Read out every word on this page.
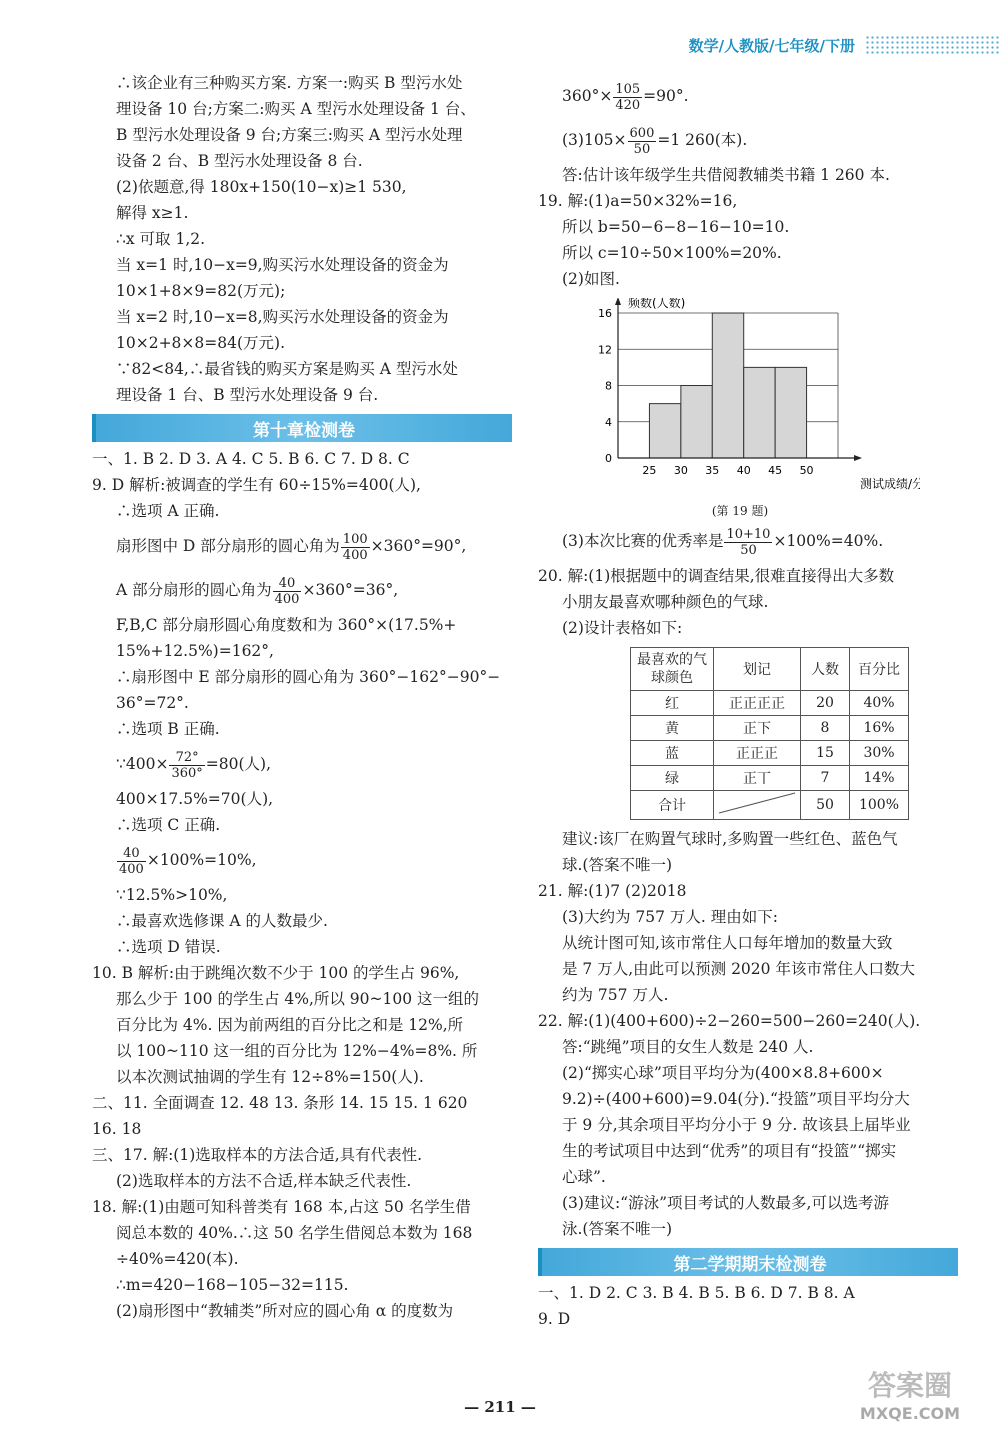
数学/人教版/七年级/下册
∴该企业有三种购买方案. 方案一:购买 B 型污水处
理设备 10 台;方案二:购买 A 型污水处理设备 1 台、
B 型污水处理设备 9 台;方案三:购买 A 型污水处理
设备 2 台、B 型污水处理设备 8 台.
(2)依题意,得 180x+150(10−x)≥1 530,
解得 x≥1.
∴x 可取 1,2.
当 x=1 时,10−x=9,购买污水处理设备的资金为
10×1+8×9=82(万元);
当 x=2 时,10−x=8,购买污水处理设备的资金为
10×2+8×8=84(万元).
∵82<84,∴最省钱的购买方案是购买 A 型污水处
理设备 1 台、B 型污水处理设备 9 台.
第十章检测卷
一、1. B 2. D 3. A 4. C 5. B 6. C 7. D 8. C
9. D 解析:被调查的学生有 60÷15%=400(人),
∴选项 A 正确.
扇形图中 D 部分扇形的圆心角为 $\frac{100}{400} \times 360^\circ=90^\circ$,
A 部分扇形的圆心角为 $\frac{40}{400} \times 360^\circ=36^\circ$,
F,B,C 部分扇形圆心角度数和为 360°×(17.5%+
15%+12.5%)=162°,
∴扇形图中 E 部分扇形的圆心角为 360°−162°−90°−
36°=72°.
∴选项 B 正确.
∵400× $\frac{72^\circ}{360^\circ} =80$(人),
400×17.5%=70(人),
∴选项 C 正确.
$\frac{40}{400} \times 100\%=10\%$,
∵12.5%>10%,
∴最喜欢选修课 A 的人数最少.
∴选项 D 错误.
10. B 解析:由于跳绳次数不少于 100 的学生占 96%,
那么少于 100 的学生占 4%,所以 90~100 这一组的
百分比为 4%. 因为前两组的百分比之和是 12%,所
以 100~110 这一组的百分比为 12%−4%=8%. 所
以本次测试抽调的学生有 12÷8%=150(人).
二、11. 全面调查 12. 48 13. 条形 14. 15 15. 1 620
16. 18
三、17. 解:(1)选取样本的方法合适,具有代表性.
(2)选取样本的方法不合适,样本缺乏代表性.
18. 解:(1)由题可知科普类有 168 本,占这 50 名学生借
阅总本数的 40%.∴这 50 名学生借阅总本数为 168
÷40%=420(本).
∴m=420−168−105−32=115.
(2)扇形图中“教辅类”所对应的圆心角 α 的度数为
$360^\circ\times \frac{105}{420} =90^\circ$.
$(3)105\times \frac{600}{50} =1$ 260(本).
答:估计该年级学生共借阅教辅类书籍 1 260 本.
19. 解:(1)a=50×32%=16,
所以 b=50−6−8−16−10=10.
所以 c=10÷50×100%=20%.
(2)如图.
0
4
8
12
16
25 30 35 40 45 50
频数(人数)
测试成绩/分
(第 19 题)
(3)本次比赛的优秀率是 $\frac{10+10}{50} \times 100\%=40\%$.
20. 解:(1)根据题中的调查结果,很难直接得出大多数
小朋友最喜欢哪种颜色的气球.
(2)设计表格如下:
最喜欢的气球颜色	划记	人数	百分比
红	正正正正	20	40%
黄	正下	8	16%
蓝	正正正	15	30%
绿	正丅	7	14%
合计		50	100%
建议:该厂在购置气球时,多购置一些红色、蓝色气
球.(答案不唯一)
21. 解:(1)7 (2)2018
(3)大约为 757 万人. 理由如下:
从统计图可知,该市常住人口每年增加的数量大致
是 7 万人,由此可以预测 2020 年该市常住人口数大
约为 757 万人.
22. 解:(1)(400+600)÷2−260=500−260=240(人).
答:“跳绳”项目的女生人数是 240 人.
(2)“掷实心球”项目平均分为(400×8.8+600×
9.2)÷(400+600)=9.04(分).“投篮”项目平均分大
于 9 分,其余项目平均分小于 9 分. 故该县上届毕业
生的考试项目中达到“优秀”的项目有“投篮”“掷实
心球”.
(3)建议:“游泳”项目考试的人数最多,可以选考游
泳.(答案不唯一)
第二学期期末检测卷
一、1. D 2. C 3. B 4. B 5. B 6. D 7. B 8. A
9. D
— 211 —
答案圈
MXQE.COM
